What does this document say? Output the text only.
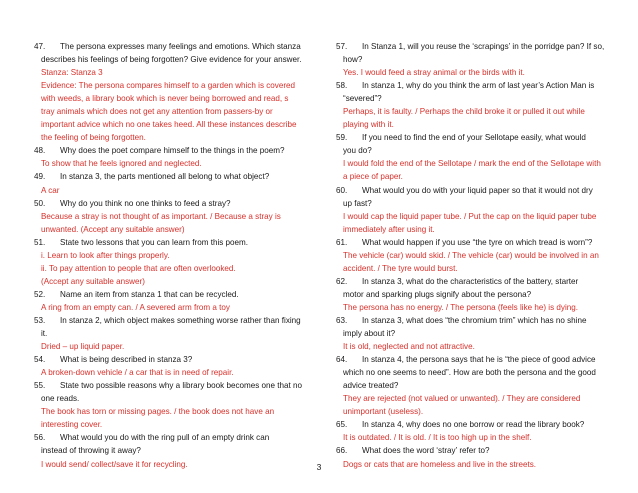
47. The persona expresses many feelings and emotions. Which stanza
describes his feelings of being forgotten? Give evidence for your answer.
Stanza: Stanza 3
Evidence: The persona compares himself to a garden which is covered
with weeds, a library book which is never being borrowed and read, s
tray animals which does not get any attention from passers-by or
important advice which no one takes heed. All these instances describe
the feeling of being forgotten.
48. Why does the poet compare himself to the things in the poem?
To show that he feels ignored and neglected.
49. In stanza 3, the parts mentioned all belong to what object?
A car
50. Why do you think no one thinks to feed a stray?
Because a stray is not thought of as important. / Because a stray is
unwanted. (Accept any suitable answer)
51. State two lessons that you can learn from this poem.
i. Learn to look after things properly.
ii. To pay attention to people that are often overlooked.
(Accept any suitable answer)
52. Name an item from stanza 1 that can be recycled.
A ring from an empty can. / A severed arm from a toy
53. In stanza 2, which object makes something worse rather than fixing
it.
Dried – up liquid paper.
54. What is being described in stanza 3?
A broken-down vehicle / a car that is in need of repair.
55. State two possible reasons why a library book becomes one that no
one reads.
The book has torn or missing pages. / the book does not have an
interesting cover.
56. What would you do with the ring pull of an empty drink can
instead of throwing it away?
I would send/ collect/save it for recycling.
57. In Stanza 1, will you reuse the ‘scrapings’ in the porridge pan? If so,
how?
Yes. I would feed a stray animal or the birds with it.
58. In stanza 1, why do you think the arm of last year’s Action Man is
“severed”?
Perhaps, it is faulty. / Perhaps the child broke it or pulled it out while
playing with it.
59. If you need to find the end of your Sellotape easily, what would
you do?
I would fold the end of the Sellotape / mark the end of the Sellotape with
a piece of paper.
60. What would you do with your liquid paper so that it would not dry
up fast?
I would cap the liquid paper tube. / Put the cap on the liquid paper tube
immediately after using it.
61. What would happen if you use “the tyre on which tread is worn”?
The vehicle (car) would skid. / The vehicle (car) would be involved in an
accident. / The tyre would burst.
62. In stanza 3, what do the characteristics of the battery, starter
motor and sparking plugs signify about the persona?
The persona has no energy. / The persona (feels like he) is dying.
63. In stanza 3, what does “the chromium trim” which has no shine
imply about it?
It is old, neglected and not attractive.
64. In stanza 4, the persona says that he is “the piece of good advice
which no one seems to need”. How are both the persona and the good
advice treated?
They are rejected (not valued or unwanted). / They are considered
unimportant (useless).
65. In stanza 4, why does no one borrow or read the library book?
It is outdated. / It is old. / It is too high up in the shelf.
66. What does the word ‘stray’ refer to?
Dogs or cats that are homeless and live in the streets.
3
